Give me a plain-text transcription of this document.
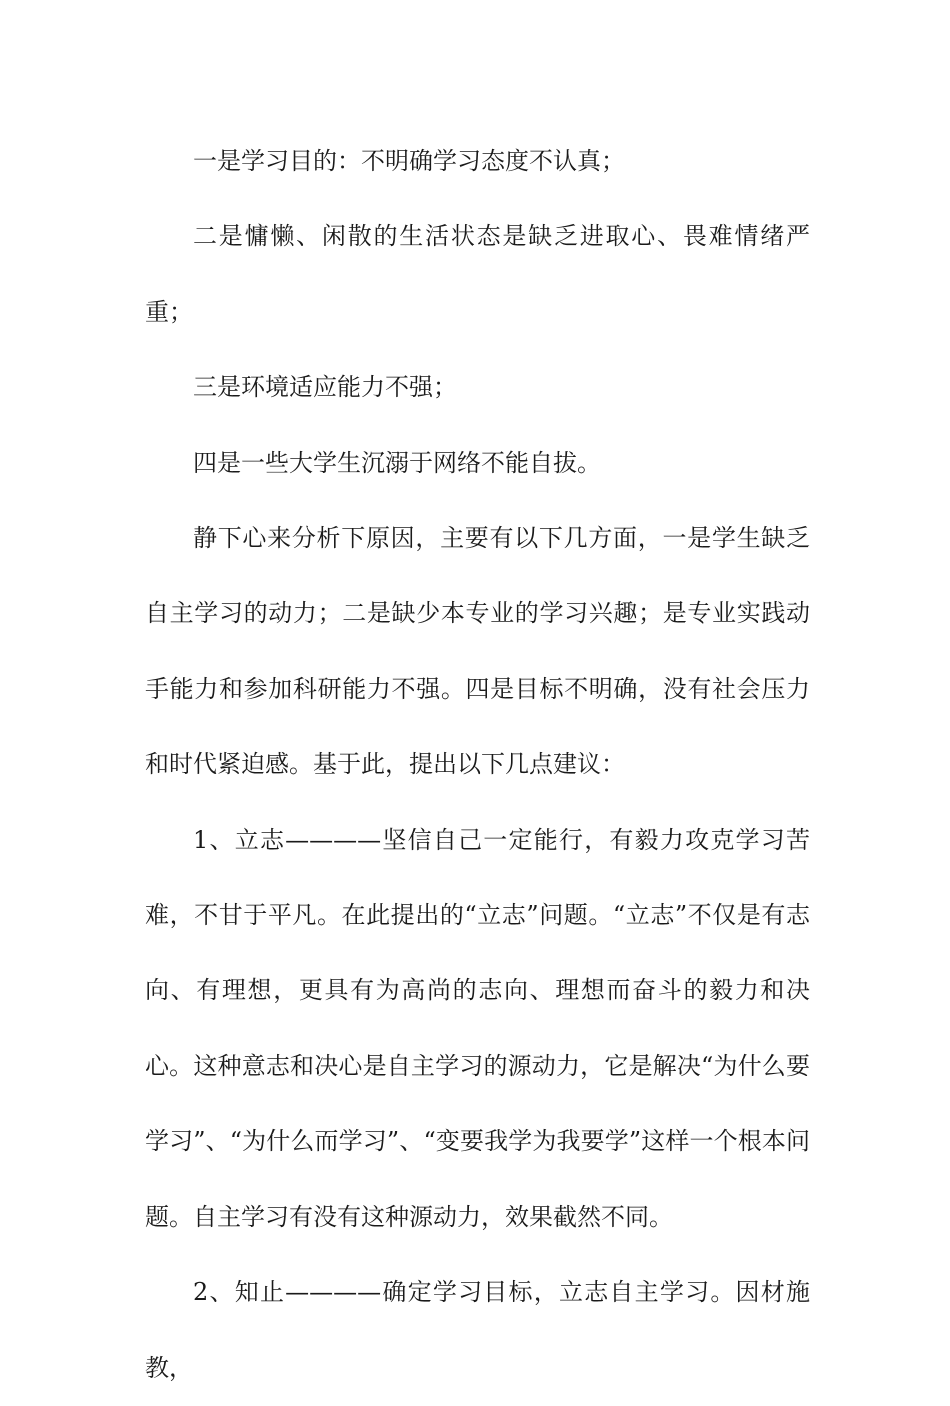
一是学习目的：不明确学习态度不认真；

二是慵懒、闲散的生活状态是缺乏进取心、畏难情绪严重；

三是环境适应能力不强；

四是一些大学生沉溺于网络不能自拔。

静下心来分析下原因，主要有以下几方面，一是学生缺乏自主学习的动力；二是缺少本专业的学习兴趣；是专业实践动手能力和参加科研能力不强。四是目标不明确，没有社会压力和时代紧迫感。基于此，提出以下几点建议：

1、立志————坚信自己一定能行，有毅力攻克学习苦难，不甘于平凡。在此提出的“立志”问题。“立志”不仅是有志向、有理想，更具有为高尚的志向、理想而奋斗的毅力和决心。这种意志和决心是自主学习的源动力，它是解决“为什么要学习”、“为什么而学习”、“变要我学为我要学”这样一个根本问题。自主学习有没有这种源动力，效果截然不同。

2、知止————确定学习目标，立志自主学习。因材施教，
